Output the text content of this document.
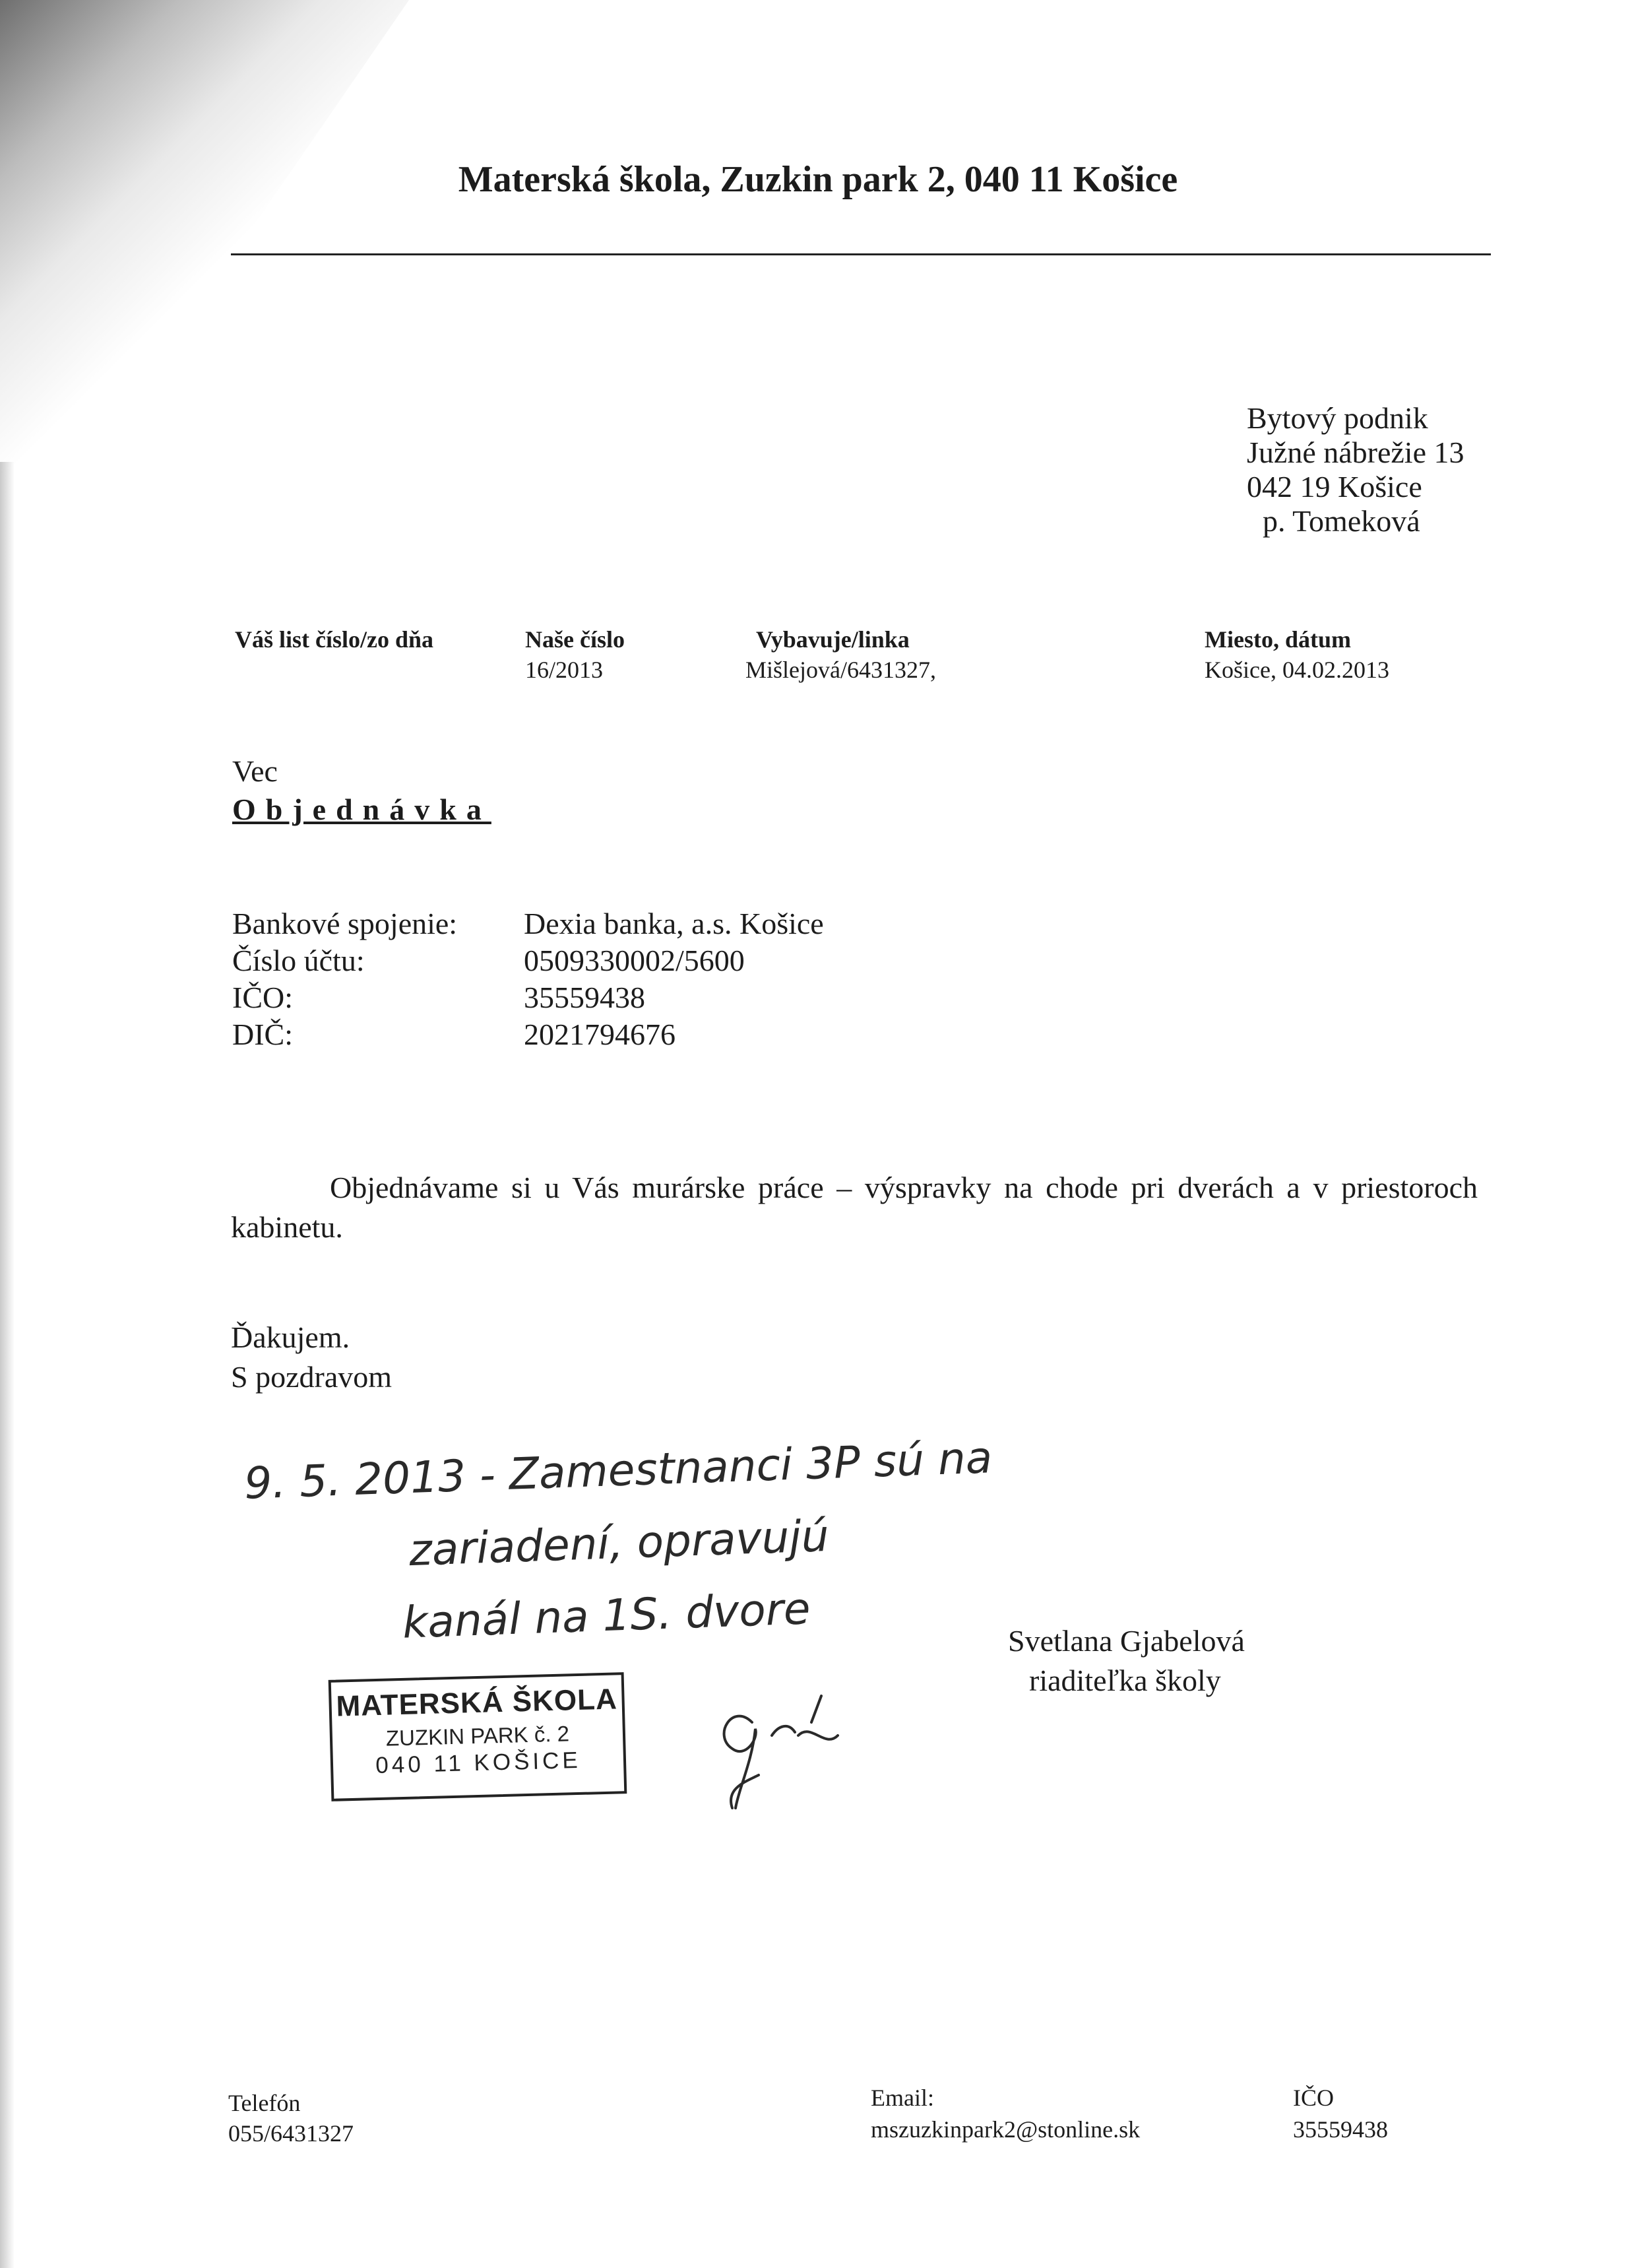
Materská škola, Zuzkin park 2, 040 11 Košice
Bytový podnik
Južné nábrežie 13
042 19 Košice
p. Tomeková
Váš list číslo/zo dňa	Naše číslo
16/2013
Vybavuje/linka
Mišlejová/6431327,
Miesto, dátum
Košice, 04.02.2013
Vec
Objednávka
Bankové spojenie:
Číslo účtu:
IČO:
DIČ:
Dexia banka, a.s. Košice
0509330002/5600
35559438
2021794676
Objednávame si u Vás murárske práce – výspravky na chode pri dverách a v priestoroch kabinetu.
Ďakujem.
S pozdravom
9. 5. 2013 - Zamestnanci 3P sú na
zariadení, opravujú
kanál na 1S. dvore	Svetlana Gjabelová
riaditeľka školy
MATERSKÁ ŠKOLA
ZUZKIN PARK č. 2
040 11 KOŠICE
Telefón
055/6431327
Email:
mszuzkinpark2@stonline.sk
IČO
35559438
